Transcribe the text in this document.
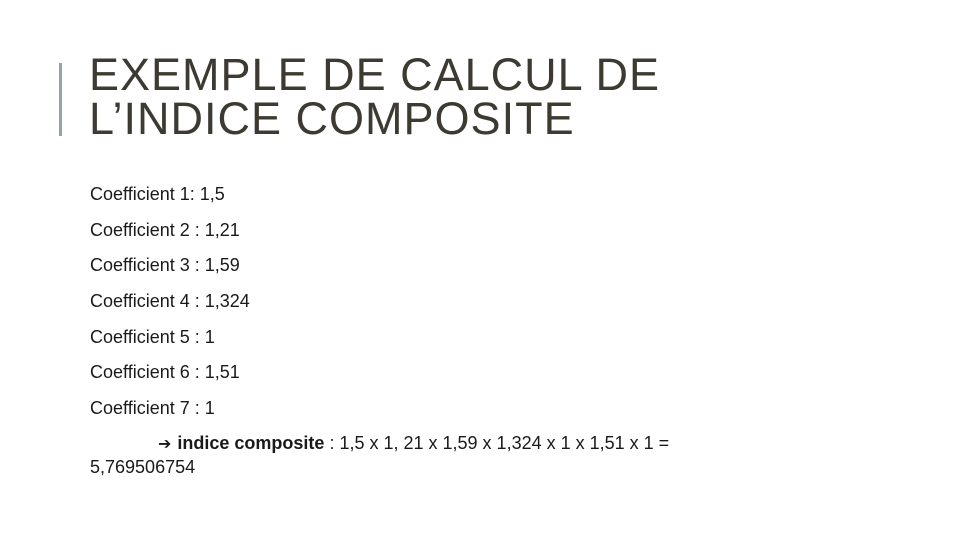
EXEMPLE DE CALCUL DE
L’INDICE COMPOSITE
Coefficient 1: 1,5
Coefficient 2 : 1,21
Coefficient 3 : 1,59
Coefficient 4 : 1,324
Coefficient 5 : 1
Coefficient 6 : 1,51
Coefficient 7 : 1
➔ indice composite : 1,5 x 1, 21 x 1,59 x 1,324 x 1 x 1,51 x 1 =
5,769506754
